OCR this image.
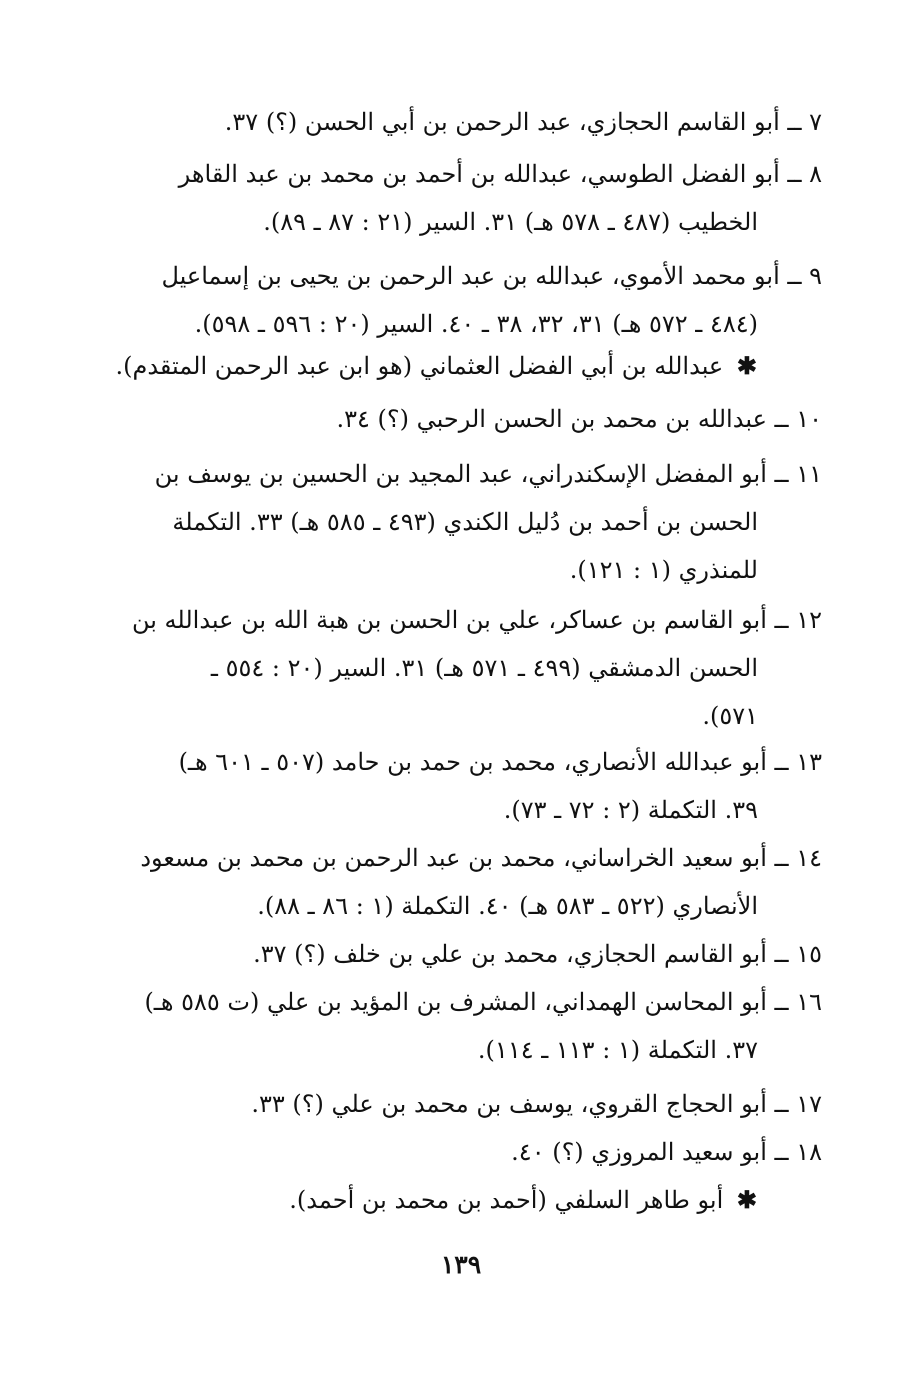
٧ ــ أبو القاسم الحجازي، عبد الرحمن بن أبي الحسن (؟) ٣٧.
٨ ــ أبو الفضل الطوسي، عبدالله بن أحمد بن محمد بن عبد القاهر
الخطيب (٤٨٧ ـ ٥٧٨ هـ) ٣١. السير (٢١ : ٨٧ ـ ٨٩).
٩ ــ أبو محمد الأموي، عبدالله بن عبد الرحمن بن يحيى بن إسماعيل
(٤٨٤ ـ ٥٧٢ هـ) ٣١، ٣٢، ٣٨ ـ ٤٠. السير (٢٠ : ٥٩٦ ـ ٥٩٨).
✱ عبدالله بن أبي الفضل العثماني (هو ابن عبد الرحمن المتقدم).
١٠ ــ عبدالله بن محمد بن الحسن الرحبي (؟) ٣٤.
١١ ــ أبو المفضل الإسكندراني، عبد المجيد بن الحسين بن يوسف بن
الحسن بن أحمد بن دُليل الكندي (٤٩٣ ـ ٥٨٥ هـ) ٣٣. التكملة
للمنذري (١ : ١٢١).
١٢ ــ أبو القاسم بن عساكر، علي بن الحسن بن هبة الله بن عبدالله بن
الحسن الدمشقي (٤٩٩ ـ ٥٧١ هـ) ٣١. السير (٢٠ : ٥٥٤ ـ
٥٧١).
١٣ ــ أبو عبدالله الأنصاري، محمد بن حمد بن حامد (٥٠٧ ـ ٦٠١ هـ)
٣٩. التكملة (٢ : ٧٢ ـ ٧٣).
١٤ ــ أبو سعيد الخراساني، محمد بن عبد الرحمن بن محمد بن مسعود
الأنصاري (٥٢٢ ـ ٥٨٣ هـ) ٤٠. التكملة (١ : ٨٦ ـ ٨٨).
١٥ ــ أبو القاسم الحجازي، محمد بن علي بن خلف (؟) ٣٧.
١٦ ــ أبو المحاسن الهمداني، المشرف بن المؤيد بن علي (ت ٥٨٥ هـ)
٣٧. التكملة (١ : ١١٣ ـ ١١٤).
١٧ ــ أبو الحجاج القروي، يوسف بن محمد بن علي (؟) ٣٣.
١٨ ــ أبو سعيد المروزي (؟) ٤٠.
✱ أبو طاهر السلفي (أحمد بن محمد بن أحمد).
١٣٩
